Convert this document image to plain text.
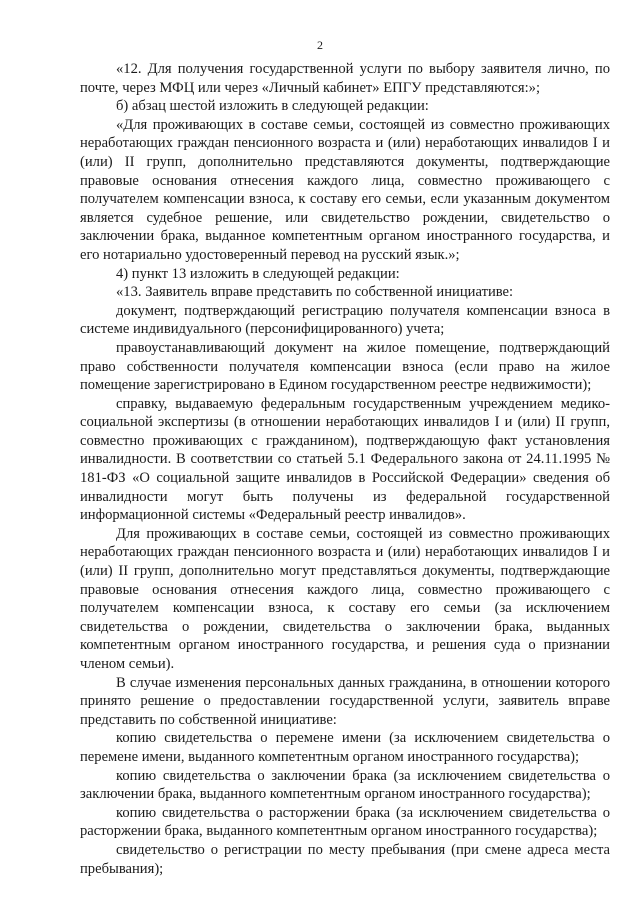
2

«12. Для получения государственной услуги по выбору заявителя лично, по почте, через МФЦ или через «Личный кабинет» ЕПГУ представляются:»;

б) абзац шестой изложить в следующей редакции:

«Для проживающих в составе семьи, состоящей из совместно проживающих неработающих граждан пенсионного возраста и (или) неработающих инвалидов I и (или) II групп, дополнительно представляются документы, подтверждающие правовые основания отнесения каждого лица, совместно проживающего с получателем компенсации взноса, к составу его семьи, если указанным документом является судебное решение, или свидетельство рождении, свидетельство о заключении брака, выданное компетентным органом иностранного государства, и его нотариально удостоверенный перевод на русский язык.»;

4) пункт 13 изложить в следующей редакции:

«13. Заявитель вправе представить по собственной инициативе:

документ, подтверждающий регистрацию получателя компенсации взноса в системе индивидуального (персонифицированного) учета;

правоустанавливающий документ на жилое помещение, подтверждающий право собственности получателя компенсации взноса (если право на жилое помещение зарегистрировано в Едином государственном реестре недвижимости);

справку, выдаваемую федеральным государственным учреждением медико-социальной экспертизы (в отношении неработающих инвалидов I и (или) II групп, совместно проживающих с гражданином), подтверждающую факт установления инвалидности. В соответствии со статьей 5.1 Федерального закона от 24.11.1995 № 181-ФЗ «О социальной защите инвалидов в Российской Федерации» сведения об инвалидности могут быть получены из федеральной государственной информационной системы «Федеральный реестр инвалидов».

Для проживающих в составе семьи, состоящей из совместно проживающих неработающих граждан пенсионного возраста и (или) неработающих инвалидов I и (или) II групп, дополнительно могут представляться документы, подтверждающие правовые основания отнесения каждого лица, совместно проживающего с получателем компенсации взноса, к составу его семьи (за исключением свидетельства о рождении, свидетельства о заключении брака, выданных компетентным органом иностранного государства, и решения суда о признании членом семьи).

В случае изменения персональных данных гражданина, в отношении которого принято решение о предоставлении государственной услуги, заявитель вправе представить по собственной инициативе:

копию свидетельства о перемене имени (за исключением свидетельства о перемене имени, выданного компетентным органом иностранного государства);

копию свидетельства о заключении брака (за исключением свидетельства о заключении брака, выданного компетентным органом иностранного государства);

копию свидетельства о расторжении брака (за исключением свидетельства о расторжении брака, выданного компетентным органом иностранного государства);

свидетельство о регистрации по месту пребывания (при смене адреса места пребывания);
